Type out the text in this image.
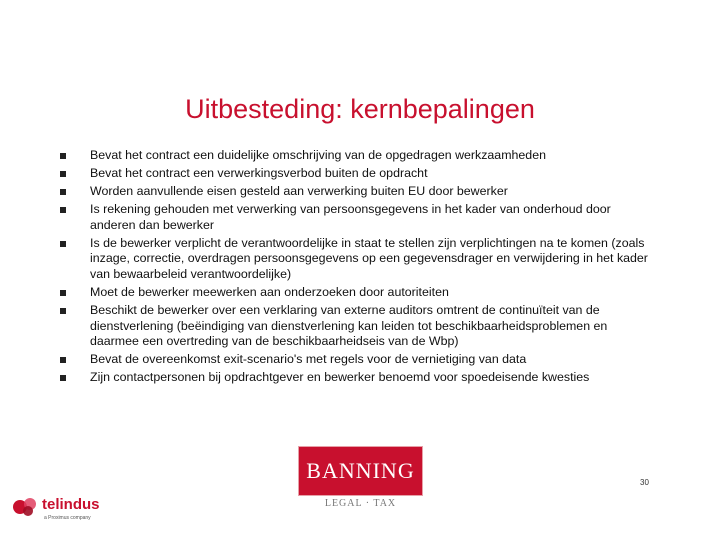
Uitbesteding: kernbepalingen
Bevat het contract een duidelijke omschrijving van de opgedragen werkzaamheden
Bevat het contract een verwerkingsverbod buiten de opdracht
Worden aanvullende eisen gesteld aan verwerking buiten EU door bewerker
Is rekening gehouden met verwerking van persoonsgegevens in het kader van onderhoud door anderen dan bewerker
Is de bewerker verplicht de verantwoordelijke in staat te stellen zijn verplichtingen na te komen (zoals inzage, correctie, overdragen persoonsgegevens op een gegevensdrager en verwijdering in het kader van bewaarbeleid verantwoordelijke)
Moet de bewerker meewerken aan onderzoeken door autoriteiten
Beschikt de bewerker over een verklaring van externe auditors omtrent de continuïteit van de dienstverlening (beëindiging van dienstverlening kan leiden tot beschikbaarheidsproblemen en daarmee een overtreding van de beschikbaarheidseis van de Wbp)
Bevat de overeenkomst exit-scenario's met regels voor de vernietiging van data
Zijn contactpersonen bij opdrachtgever en bewerker benoemd voor spoedeisende kwesties
BANNING
LEGAL · TAX
30
telindus
a Proximus company
